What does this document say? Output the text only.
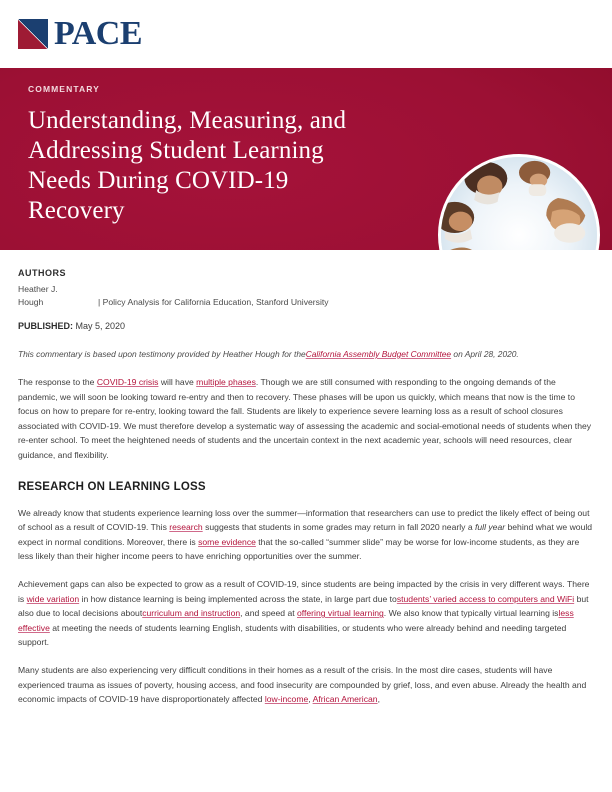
PACE
COMMENTARY
Understanding, Measuring, and
Addressing Student Learning
Needs During COVID-19
Recovery
AUTHORS
Heather J.
Hough	| Policy Analysis for California Education, Stanford University
PUBLISHED: May 5, 2020
This commentary is based upon testimony provided by Heather Hough for theCalifornia Assembly Budget Committee on April 28, 2020.

The response to the COVID-19 crisis will have multiple phases. Though we are still consumed with responding to the ongoing demands of the pandemic, we will soon be looking toward re-entry and then to recovery. These phases will be upon us quickly, which means that now is the time to focus on how to prepare for re-entry, looking toward the fall. Students are likely to experience severe learning loss as a result of school closures associated with COVID-19. We must therefore develop a systematic way of assessing the academic and social-emotional needs of students when they re-enter school. To meet the heightened needs of students and the uncertain context in the next academic year, schools will need resources, clear guidance, and flexibility.

RESEARCH ON LEARNING LOSS

We already know that students experience learning loss over the summer—information that researchers can use to predict the likely effect of being out of school as a result of COVID-19. This research suggests that students in some grades may return in fall 2020 nearly a full year behind what we would expect in normal conditions. Moreover, there is some evidence that the so-called “summer slide” may be worse for low-income students, as they are less likely than their higher income peers to have enriching opportunities over the summer.

Achievement gaps can also be expected to grow as a result of COVID-19, since students are being impacted by the crisis in very different ways. There is wide variation in how distance learning is being implemented across the state, in large part due tostudents’ varied access to computers and WiFi but also due to local decisions aboutcurriculum and instruction, and speed at offering virtual learning. We also know that typically virtual learning isless effective at meeting the needs of students learning English, students with disabilities, or students who were already behind and needing targeted support.

Many students are also experiencing very difficult conditions in their homes as a result of the crisis. In the most dire cases, students will have experienced trauma as issues of poverty, housing access, and food insecurity are compounded by grief, loss, and even abuse. Already the health and economic impacts of COVID-19 have disproportionately affected low-income, African American,
